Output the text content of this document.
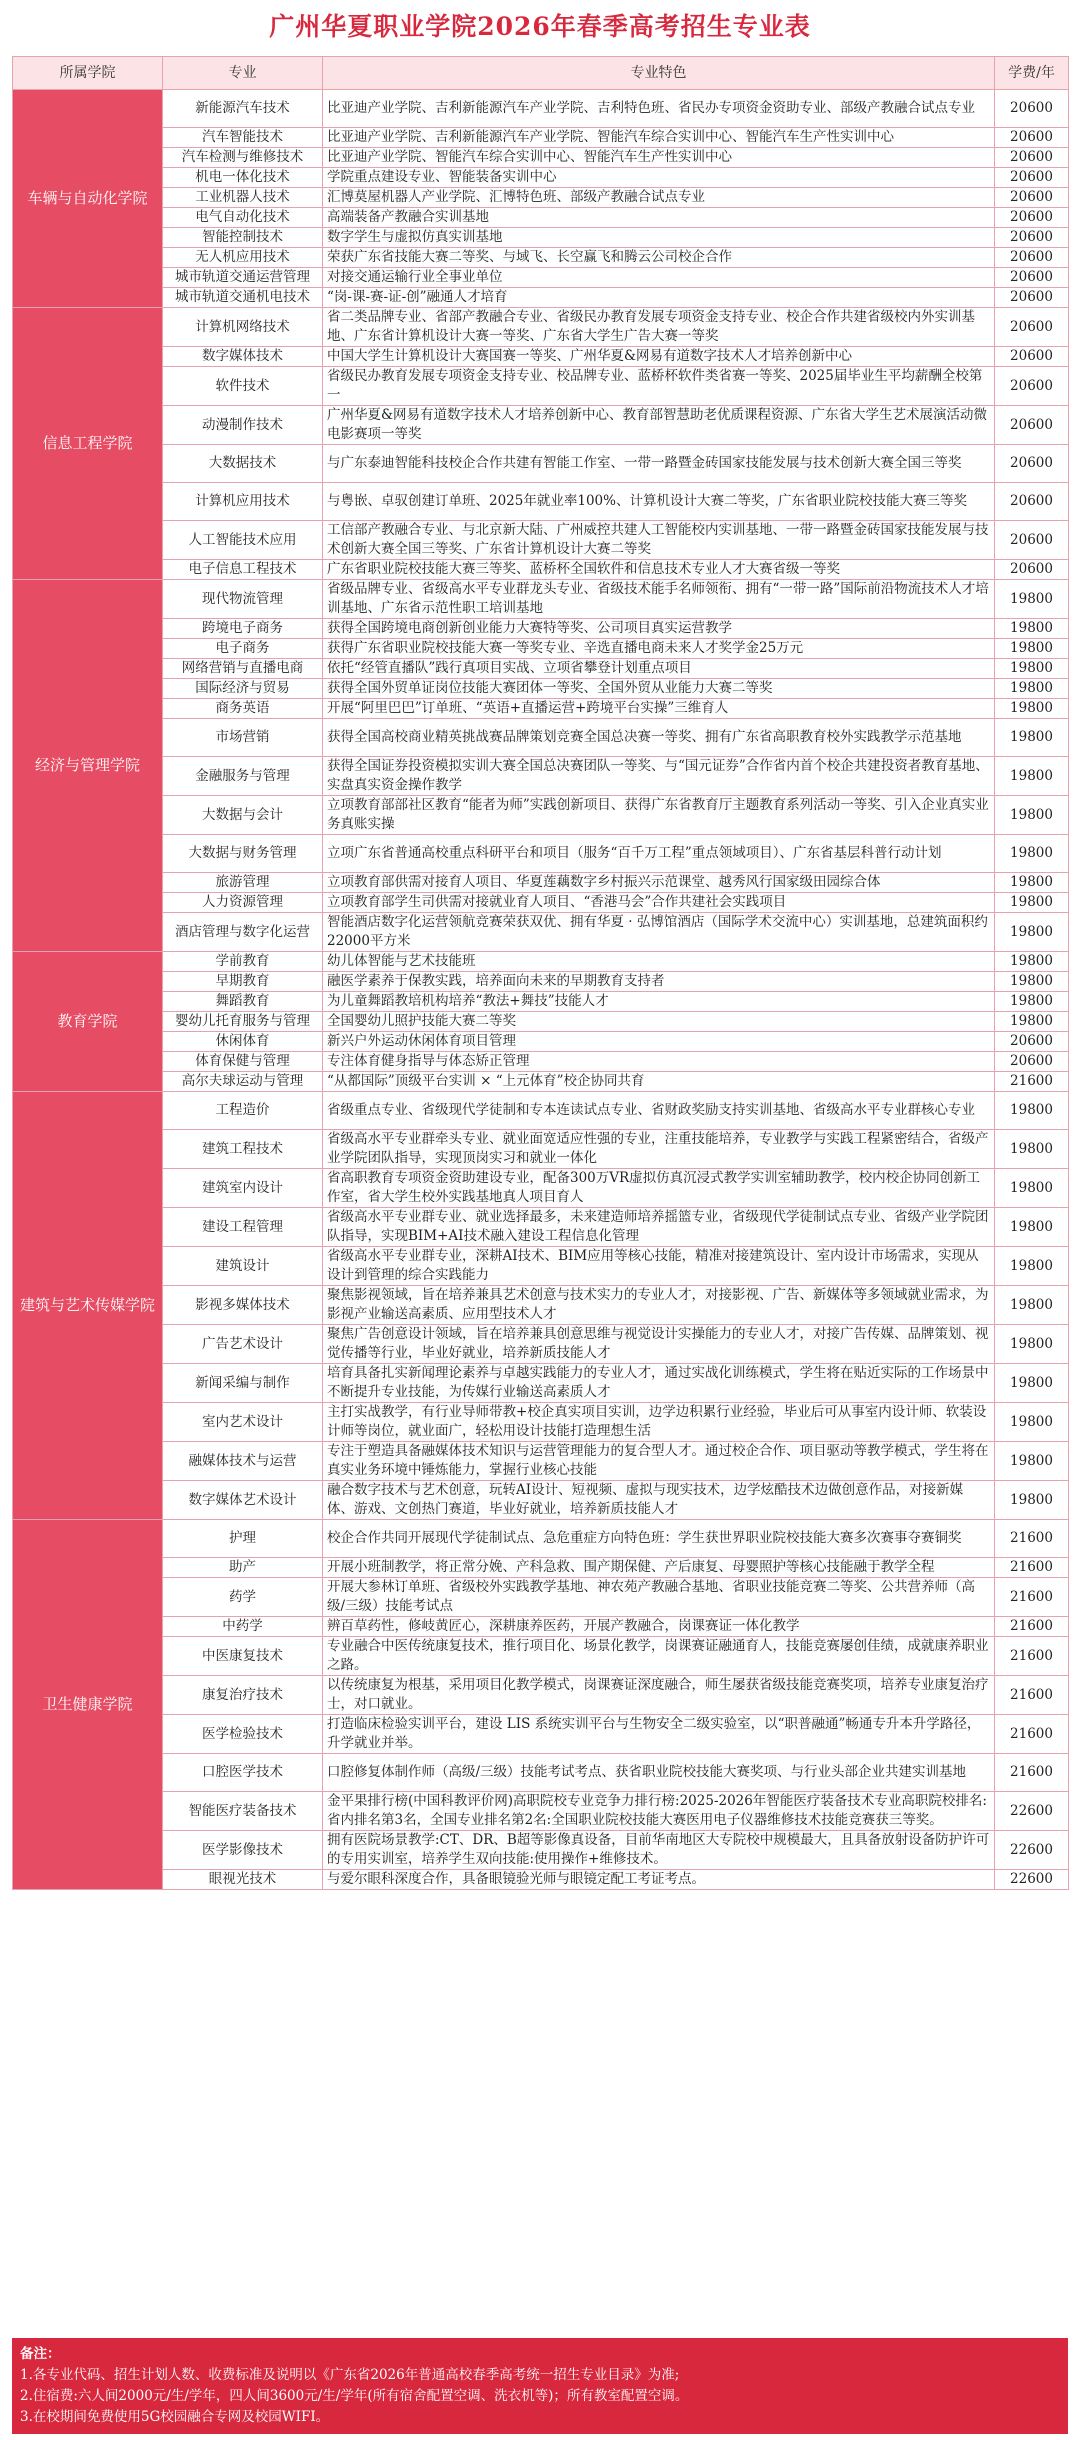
广州华夏职业学院2026年春季高考招生专业表
所属学院	专业	专业特色	学费/年
车辆与自动化学院	新能源汽车技术	比亚迪产业学院、吉利新能源汽车产业学院、吉利特色班、省民办专项资金资助专业、部级产教融合试点专业	20600
	汽车智能技术	比亚迪产业学院、吉利新能源汽车产业学院、智能汽车综合实训中心、智能汽车生产性实训中心	20600
	汽车检测与维修技术	比亚迪产业学院、智能汽车综合实训中心、智能汽车生产性实训中心	20600
	机电一体化技术	学院重点建设专业、智能装备实训中心	20600
	工业机器人技术	汇博莫屋机器人产业学院、汇博特色班、部级产教融合试点专业	20600
	电气自动化技术	高端装备产教融合实训基地	20600
	智能控制技术	数字学生与虚拟仿真实训基地	20600
	无人机应用技术	荣获广东省技能大赛二等奖、与域飞、长空赢飞和腾云公司校企合作	20600
	城市轨道交通运营管理	对接交通运输行业全事业单位	20600
	城市轨道交通机电技术	“岗-课-赛-证-创”融通人才培育	20600
信息工程学院	计算机网络技术	省二类品牌专业、省部产教融合专业、省级民办教育发展专项资金支持专业、校企合作共建省级校内外实训基地、广东省计算机设计大赛一等奖、广东省大学生广告大赛一等奖	20600
	数字媒体技术	中国大学生计算机设计大赛国赛一等奖、广州华夏&网易有道数字技术人才培养创新中心	20600
	软件技术	省级民办教育发展专项资金支持专业、校品牌专业、蓝桥杯软件类省赛一等奖、2025届毕业生平均薪酬全校第一	20600
	动漫制作技术	广州华夏&网易有道数字技术人才培养创新中心、教育部智慧助老优质课程资源、广东省大学生艺术展演活动微电影赛项一等奖	20600
	大数据技术	与广东泰迪智能科技校企合作共建有智能工作室、一带一路暨金砖国家技能发展与技术创新大赛全国三等奖	20600
	计算机应用技术	与粤嵌、卓驭创建订单班、2025年就业率100%、计算机设计大赛二等奖，广东省职业院校技能大赛三等奖	20600
	人工智能技术应用	工信部产教融合专业、与北京新大陆、广州威控共建人工智能校内实训基地、一带一路暨金砖国家技能发展与技术创新大赛全国三等奖、广东省计算机设计大赛二等奖	20600
	电子信息工程技术	广东省职业院校技能大赛三等奖、蓝桥杯全国软件和信息技术专业人才大赛省级一等奖	20600
经济与管理学院	现代物流管理	省级品牌专业、省级高水平专业群龙头专业、省级技术能手名师领衔、拥有“一带一路”国际前沿物流技术人才培训基地、广东省示范性职工培训基地	19800
	跨境电子商务	获得全国跨境电商创新创业能力大赛特等奖、公司项目真实运营教学	19800
	电子商务	获得广东省职业院校技能大赛一等奖专业、辛选直播电商未来人才奖学金25万元	19800
	网络营销与直播电商	依托“经管直播队”践行真项目实战、立项省攀登计划重点项目	19800
	国际经济与贸易	获得全国外贸单证岗位技能大赛团体一等奖、全国外贸从业能力大赛二等奖	19800
	商务英语	开展“阿里巴巴”订单班、“英语+直播运营+跨境平台实操”三维育人	19800
	市场营销	获得全国高校商业精英挑战赛品牌策划竞赛全国总决赛一等奖、拥有广东省高职教育校外实践教学示范基地	19800
	金融服务与管理	获得全国证券投资模拟实训大赛全国总决赛团队一等奖、与“国元证券”合作省内首个校企共建投资者教育基地、实盘真实资金操作教学	19800
	大数据与会计	立项教育部部社区教育“能者为师”实践创新项目、获得广东省教育厅主题教育系列活动一等奖、引入企业真实业务真账实操	19800
	大数据与财务管理	立项广东省普通高校重点科研平台和项目（服务“百千万工程”重点领域项目）、广东省基层科普行动计划	19800
	旅游管理	立项教育部供需对接育人项目、华夏莲藕数字乡村振兴示范课堂、越秀风行国家级田园综合体	19800
	人力资源管理	立项教育部学生司供需对接就业育人项目、“香港马会”合作共建社会实践项目	19800
	酒店管理与数字化运营	智能酒店数字化运营领航竞赛荣获双优、拥有华夏 · 弘博馆酒店（国际学术交流中心）实训基地，总建筑面积约22000平方米	19800
教育学院	学前教育	幼儿体智能与艺术技能班	19800
	早期教育	融医学素养于保教实践，培养面向未来的早期教育支持者	19800
	舞蹈教育	为儿童舞蹈教培机构培养“教法+舞技”技能人才	19800
	婴幼儿托育服务与管理	全国婴幼儿照护技能大赛二等奖	19800
	休闲体育	新兴户外运动休闲体育项目管理	20600
	体育保健与管理	专注体育健身指导与体态矫正管理	20600
	高尔夫球运动与管理	“从都国际”顶级平台实训 × “上元体育”校企协同共育	21600
建筑与艺术传媒学院	工程造价	省级重点专业、省级现代学徒制和专本连读试点专业、省财政奖励支持实训基地、省级高水平专业群核心专业	19800
	建筑工程技术	省级高水平专业群牵头专业、就业面宽适应性强的专业，注重技能培养，专业教学与实践工程紧密结合，省级产业学院团队指导，实现顶岗实习和就业一体化	19800
	建筑室内设计	省高职教育专项资金资助建设专业，配备300万VR虚拟仿真沉浸式教学实训室辅助教学，校内校企协同创新工作室，省大学生校外实践基地真人项目育人	19800
	建设工程管理	省级高水平专业群专业、就业选择最多，未来建造师培养摇篮专业，省级现代学徒制试点专业、省级产业学院团队指导，实现BIM+AI技术融入建设工程信息化管理	19800
	建筑设计	省级高水平专业群专业，深耕AI技术、BIM应用等核心技能，精准对接建筑设计、室内设计市场需求，实现从设计到管理的综合实践能力	19800
	影视多媒体技术	聚焦影视领域，旨在培养兼具艺术创意与技术实力的专业人才，对接影视、广告、新媒体等多领域就业需求，为影视产业输送高素质、应用型技术人才	19800
	广告艺术设计	聚焦广告创意设计领域，旨在培养兼具创意思维与视觉设计实操能力的专业人才，对接广告传媒、品牌策划、视觉传播等行业，毕业好就业，培养新质技能人才	19800
	新闻采编与制作	培育具备扎实新闻理论素养与卓越实践能力的专业人才，通过实战化训练模式，学生将在贴近实际的工作场景中不断提升专业技能，为传媒行业输送高素质人才	19800
	室内艺术设计	主打实战教学，有行业导师带教+校企真实项目实训，边学边积累行业经验，毕业后可从事室内设计师、软装设计师等岗位，就业面广，轻松用设计技能打造理想生活	19800
	融媒体技术与运营	专注于塑造具备融媒体技术知识与运营管理能力的复合型人才。通过校企合作、项目驱动等教学模式，学生将在真实业务环境中锤炼能力，掌握行业核心技能	19800
	数字媒体艺术设计	融合数字技术与艺术创意，玩转AI设计、短视频、虚拟与现实技术，边学炫酷技术边做创意作品，对接新媒体、游戏、文创热门赛道，毕业好就业，培养新质技能人才	19800
卫生健康学院	护理	校企合作共同开展现代学徒制试点、急危重症方向特色班：学生获世界职业院校技能大赛多次赛事夺赛铜奖	21600
	助产	开展小班制教学，将正常分娩、产科急救、围产期保健、产后康复、母婴照护等核心技能融于教学全程	21600
	药学	开展大参林订单班、省级校外实践教学基地、神农苑产教融合基地、省职业技能竞赛二等奖、公共营养师（高级/三级）技能考试点	21600
	中药学	辨百草药性，修岐黄匠心，深耕康养医药，开展产教融合，岗课赛证一体化教学	21600
	中医康复技术	专业融合中医传统康复技术，推行项目化、场景化教学，岗课赛证融通育人，技能竞赛屡创佳绩，成就康养职业之路。	21600
	康复治疗技术	以传统康复为根基，采用项目化教学模式，岗课赛证深度融合，师生屡获省级技能竞赛奖项，培养专业康复治疗士，对口就业。	21600
	医学检验技术	打造临床检验实训平台，建设 LIS 系统实训平台与生物安全二级实验室，以“职普融通”畅通专升本升学路径，升学就业并举。	21600
	口腔医学技术	口腔修复体制作师（高级/三级）技能考试考点、获省职业院校技能大赛奖项、与行业头部企业共建实训基地	21600
	智能医疗装备技术	金平果排行榜(中国科教评价网)高职院校专业竞争力排行榜:2025-2026年智能医疗装备技术专业高职院校排名:省内排名第3名，全国专业排名第2名:全国职业院校技能大赛医用电子仪器维修技术技能竞赛获三等奖。	22600
	医学影像技术	拥有医院场景教学:CT、DR、B超等影像真设备，目前华南地区大专院校中规模最大，且具备放射设备防护许可的专用实训室，培养学生双向技能:使用操作+维修技术。	22600
	眼视光技术	与爱尔眼科深度合作，具备眼镜验光师与眼镜定配工考证考点。	22600
备注：
1.各专业代码、招生计划人数、收费标准及说明以《广东省2026年普通高校春季高考统一招生专业目录》为准;
2.住宿费:六人间2000元/生/学年，四人间3600元/生/学年(所有宿舍配置空调、洗衣机等)；所有教室配置空调。
3.在校期间免费使用5G校园融合专网及校园WIFI。
